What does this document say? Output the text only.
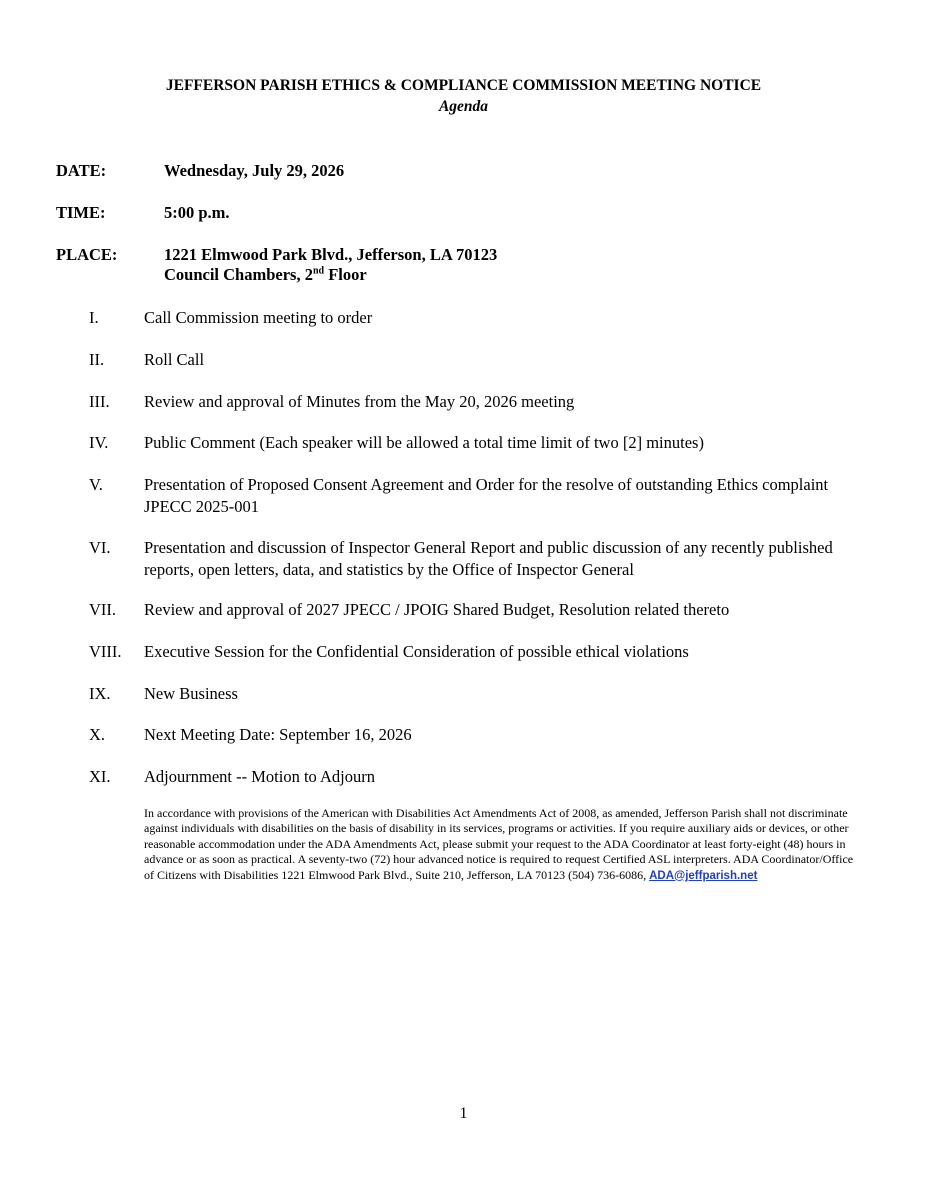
JEFFERSON PARISH ETHICS & COMPLIANCE COMMISSION MEETING NOTICE
Agenda
DATE:	Wednesday, July 29, 2026
TIME:	5:00 p.m.
PLACE:	1221 Elmwood Park Blvd., Jefferson, LA 70123
Council Chambers, 2nd Floor
I.	Call Commission meeting to order
II. Roll Call
III. Review and approval of Minutes from the May 20, 2026 meeting
IV. Public Comment (Each speaker will be allowed a total time limit of two [2] minutes)
V. Presentation of Proposed Consent Agreement and Order for the resolve of outstanding Ethics complaint JPECC 2025-001
VI. Presentation and discussion of Inspector General Report and public discussion of any recently published reports, open letters, data, and statistics by the Office of Inspector General
VII. Review and approval of 2027 JPECC / JPOIG Shared Budget, Resolution related thereto
VIII. Executive Session for the Confidential Consideration of possible ethical violations
IX. New Business
X. Next Meeting Date: September 16, 2026
XI. Adjournment -- Motion to Adjourn
In accordance with provisions of the American with Disabilities Act Amendments Act of 2008, as amended, Jefferson Parish shall not discriminate against individuals with disabilities on the basis of disability in its services, programs or activities. If you require auxiliary aids or devices, or other reasonable accommodation under the ADA Amendments Act, please submit your request to the ADA Coordinator at least forty-eight (48) hours in advance or as soon as practical. A seventy-two (72) hour advanced notice is required to request Certified ASL interpreters. ADA Coordinator/Office of Citizens with Disabilities 1221 Elmwood Park Blvd., Suite 210, Jefferson, LA 70123 (504) 736-6086, ADA@jeffparish.net
1
